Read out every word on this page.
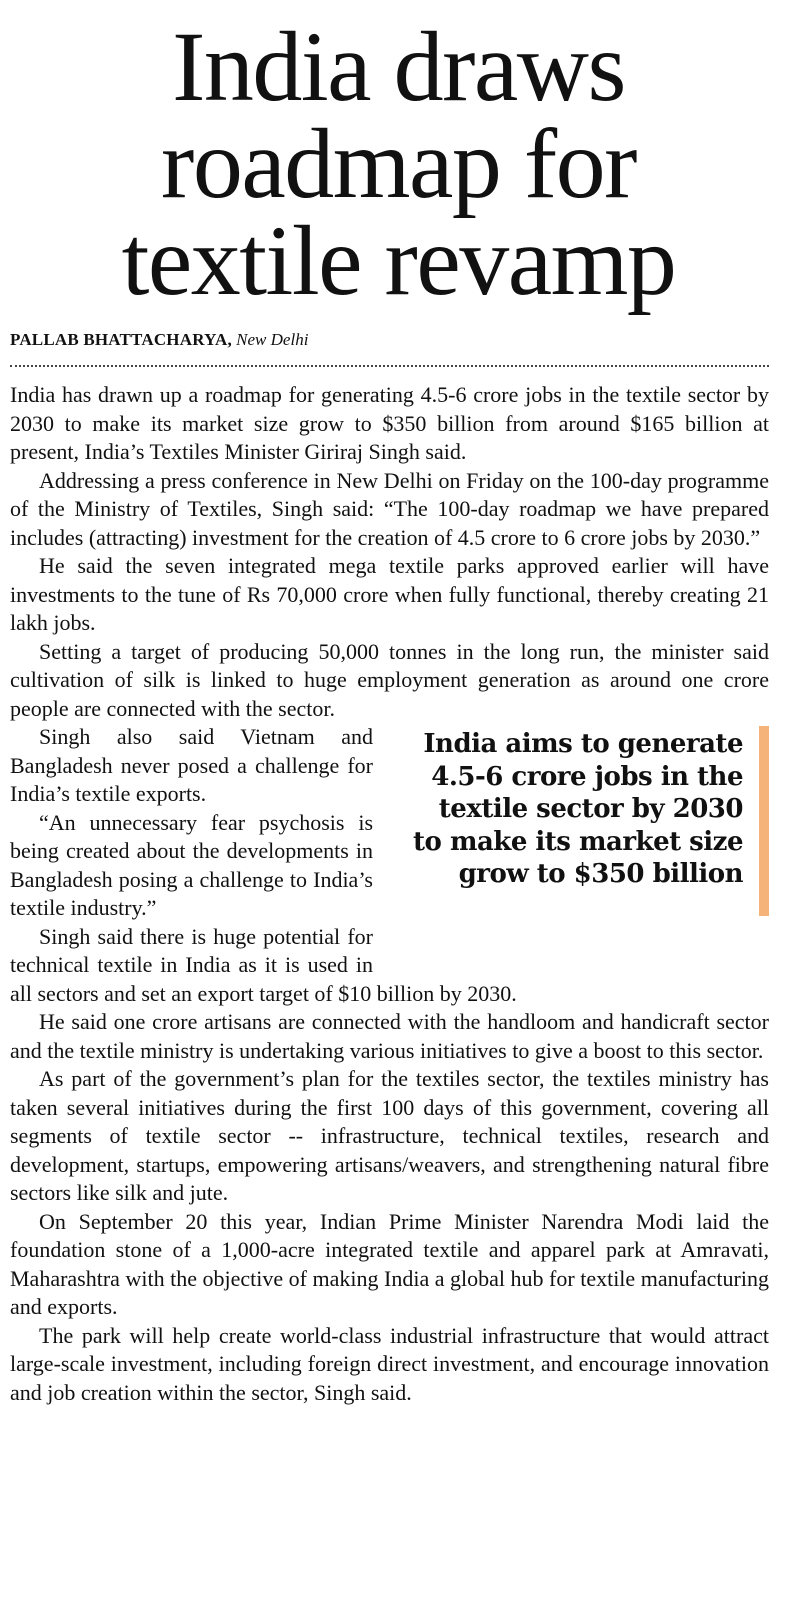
India draws
roadmap for
textile revamp
PALLAB BHATTACHARYA, New Delhi

India has drawn up a roadmap for generating 4.5-6 crore jobs in the textile sector by 2030 to make its market size grow to $350 billion from around $165 billion at present, India’s Textiles Minister Giriraj Singh said.

Addressing a press conference in New Delhi on Friday on the 100-day programme of the Ministry of Textiles, Singh said: “The 100-day roadmap we have prepared includes (attracting) investment for the creation of 4.5 crore to 6 crore jobs by 2030.”

He said the seven integrated mega textile parks approved earlier will have investments to the tune of Rs 70,000 crore when fully functional, thereby creating 21 lakh jobs.

Setting a target of producing 50,000 tonnes in the long run, the minister said cultivation of silk is linked to huge employment generation as around one crore people are connected with the sector.

India aims to generate 4.5-6 crore jobs in the textile sector by 2030 to make its market size grow to $350 billion

Singh also said Vietnam and Bangladesh never posed a challenge for India’s textile exports.

“An unnecessary fear psychosis is being created about the developments in Bangladesh posing a challenge to India’s textile industry.”

Singh said there is huge potential for technical textile in India as it is used in all sectors and set an export target of $10 billion by 2030.

He said one crore artisans are connected with the handloom and handicraft sector and the textile ministry is undertaking various initiatives to give a boost to this sector.

As part of the government’s plan for the textiles sector, the textiles ministry has taken several initiatives during the first 100 days of this government, covering all segments of textile sector -- infrastructure, technical textiles, research and development, startups, empowering artisans/weavers, and strengthening natural fibre sectors like silk and jute.

On September 20 this year, Indian Prime Minister Narendra Modi laid the foundation stone of a 1,000-acre integrated textile and apparel park at Amravati, Maharashtra with the objective of making India a global hub for textile manufacturing and exports.

The park will help create world-class industrial infrastructure that would attract large-scale investment, including foreign direct investment, and encourage innovation and job creation within the sector, Singh said.
